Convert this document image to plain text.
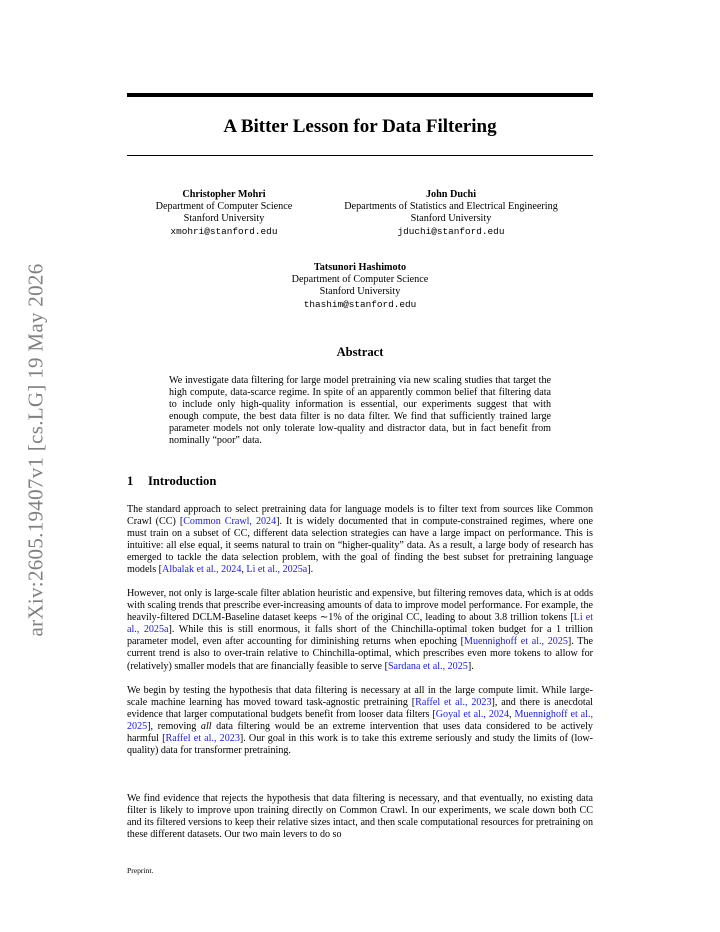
arXiv:2605.19407v1 [cs.LG] 19 May 2026
A Bitter Lesson for Data Filtering
Christopher Mohri
Department of Computer Science
Stanford University
xmohri@stanford.edu
John Duchi
Departments of Statistics and Electrical Engineering
Stanford University
jduchi@stanford.edu
Tatsunori Hashimoto
Department of Computer Science
Stanford University
thashim@stanford.edu
Abstract
We investigate data filtering for large model pretraining via new scaling studies that target the high compute, data-scarce regime. In spite of an apparently common belief that filtering data to include only high-quality information is essential, our experiments suggest that with enough compute, the best data filter is no data filter. We find that sufficiently trained large parameter models not only tolerate low-quality and distractor data, but in fact benefit from nominally “poor” data.
1 Introduction
The standard approach to select pretraining data for language models is to filter text from sources like Common Crawl (CC) [Common Crawl, 2024]. It is widely documented that in compute-constrained regimes, where one must train on a subset of CC, different data selection strategies can have a large impact on performance. This is intuitive: all else equal, it seems natural to train on “higher-quality” data. As a result, a large body of research has emerged to tackle the data selection problem, with the goal of finding the best subset for pretraining language models [Albalak et al., 2024, Li et al., 2025a].
However, not only is large-scale filter ablation heuristic and expensive, but filtering removes data, which is at odds with scaling trends that prescribe ever-increasing amounts of data to improve model performance. For example, the heavily-filtered DCLM-Baseline dataset keeps ∼1% of the original CC, leading to about 3.8 trillion tokens [Li et al., 2025a]. While this is still enormous, it falls short of the Chinchilla-optimal token budget for a 1 trillion parameter model, even after accounting for diminishing returns when epoching [Muennighoff et al., 2025]. The current trend is also to over-train relative to Chinchilla-optimal, which prescribes even more tokens to allow for (relatively) smaller models that are financially feasible to serve [Sardana et al., 2025].
We begin by testing the hypothesis that data filtering is necessary at all in the large compute limit. While large-scale machine learning has moved toward task-agnostic pretraining [Raffel et al., 2023], and there is anecdotal evidence that larger computational budgets benefit from looser data filters [Goyal et al., 2024, Muennighoff et al., 2025], removing all data filtering would be an extreme intervention that uses data considered to be actively harmful [Raffel et al., 2023]. Our goal in this work is to take this extreme seriously and study the limits of (low-quality) data for transformer pretraining.
We find evidence that rejects the hypothesis that data filtering is necessary, and that eventually, no existing data filter is likely to improve upon training directly on Common Crawl. In our experiments, we scale down both CC and its filtered versions to keep their relative sizes intact, and then scale computational resources for pretraining on these different datasets. Our two main levers to do so
Preprint.
